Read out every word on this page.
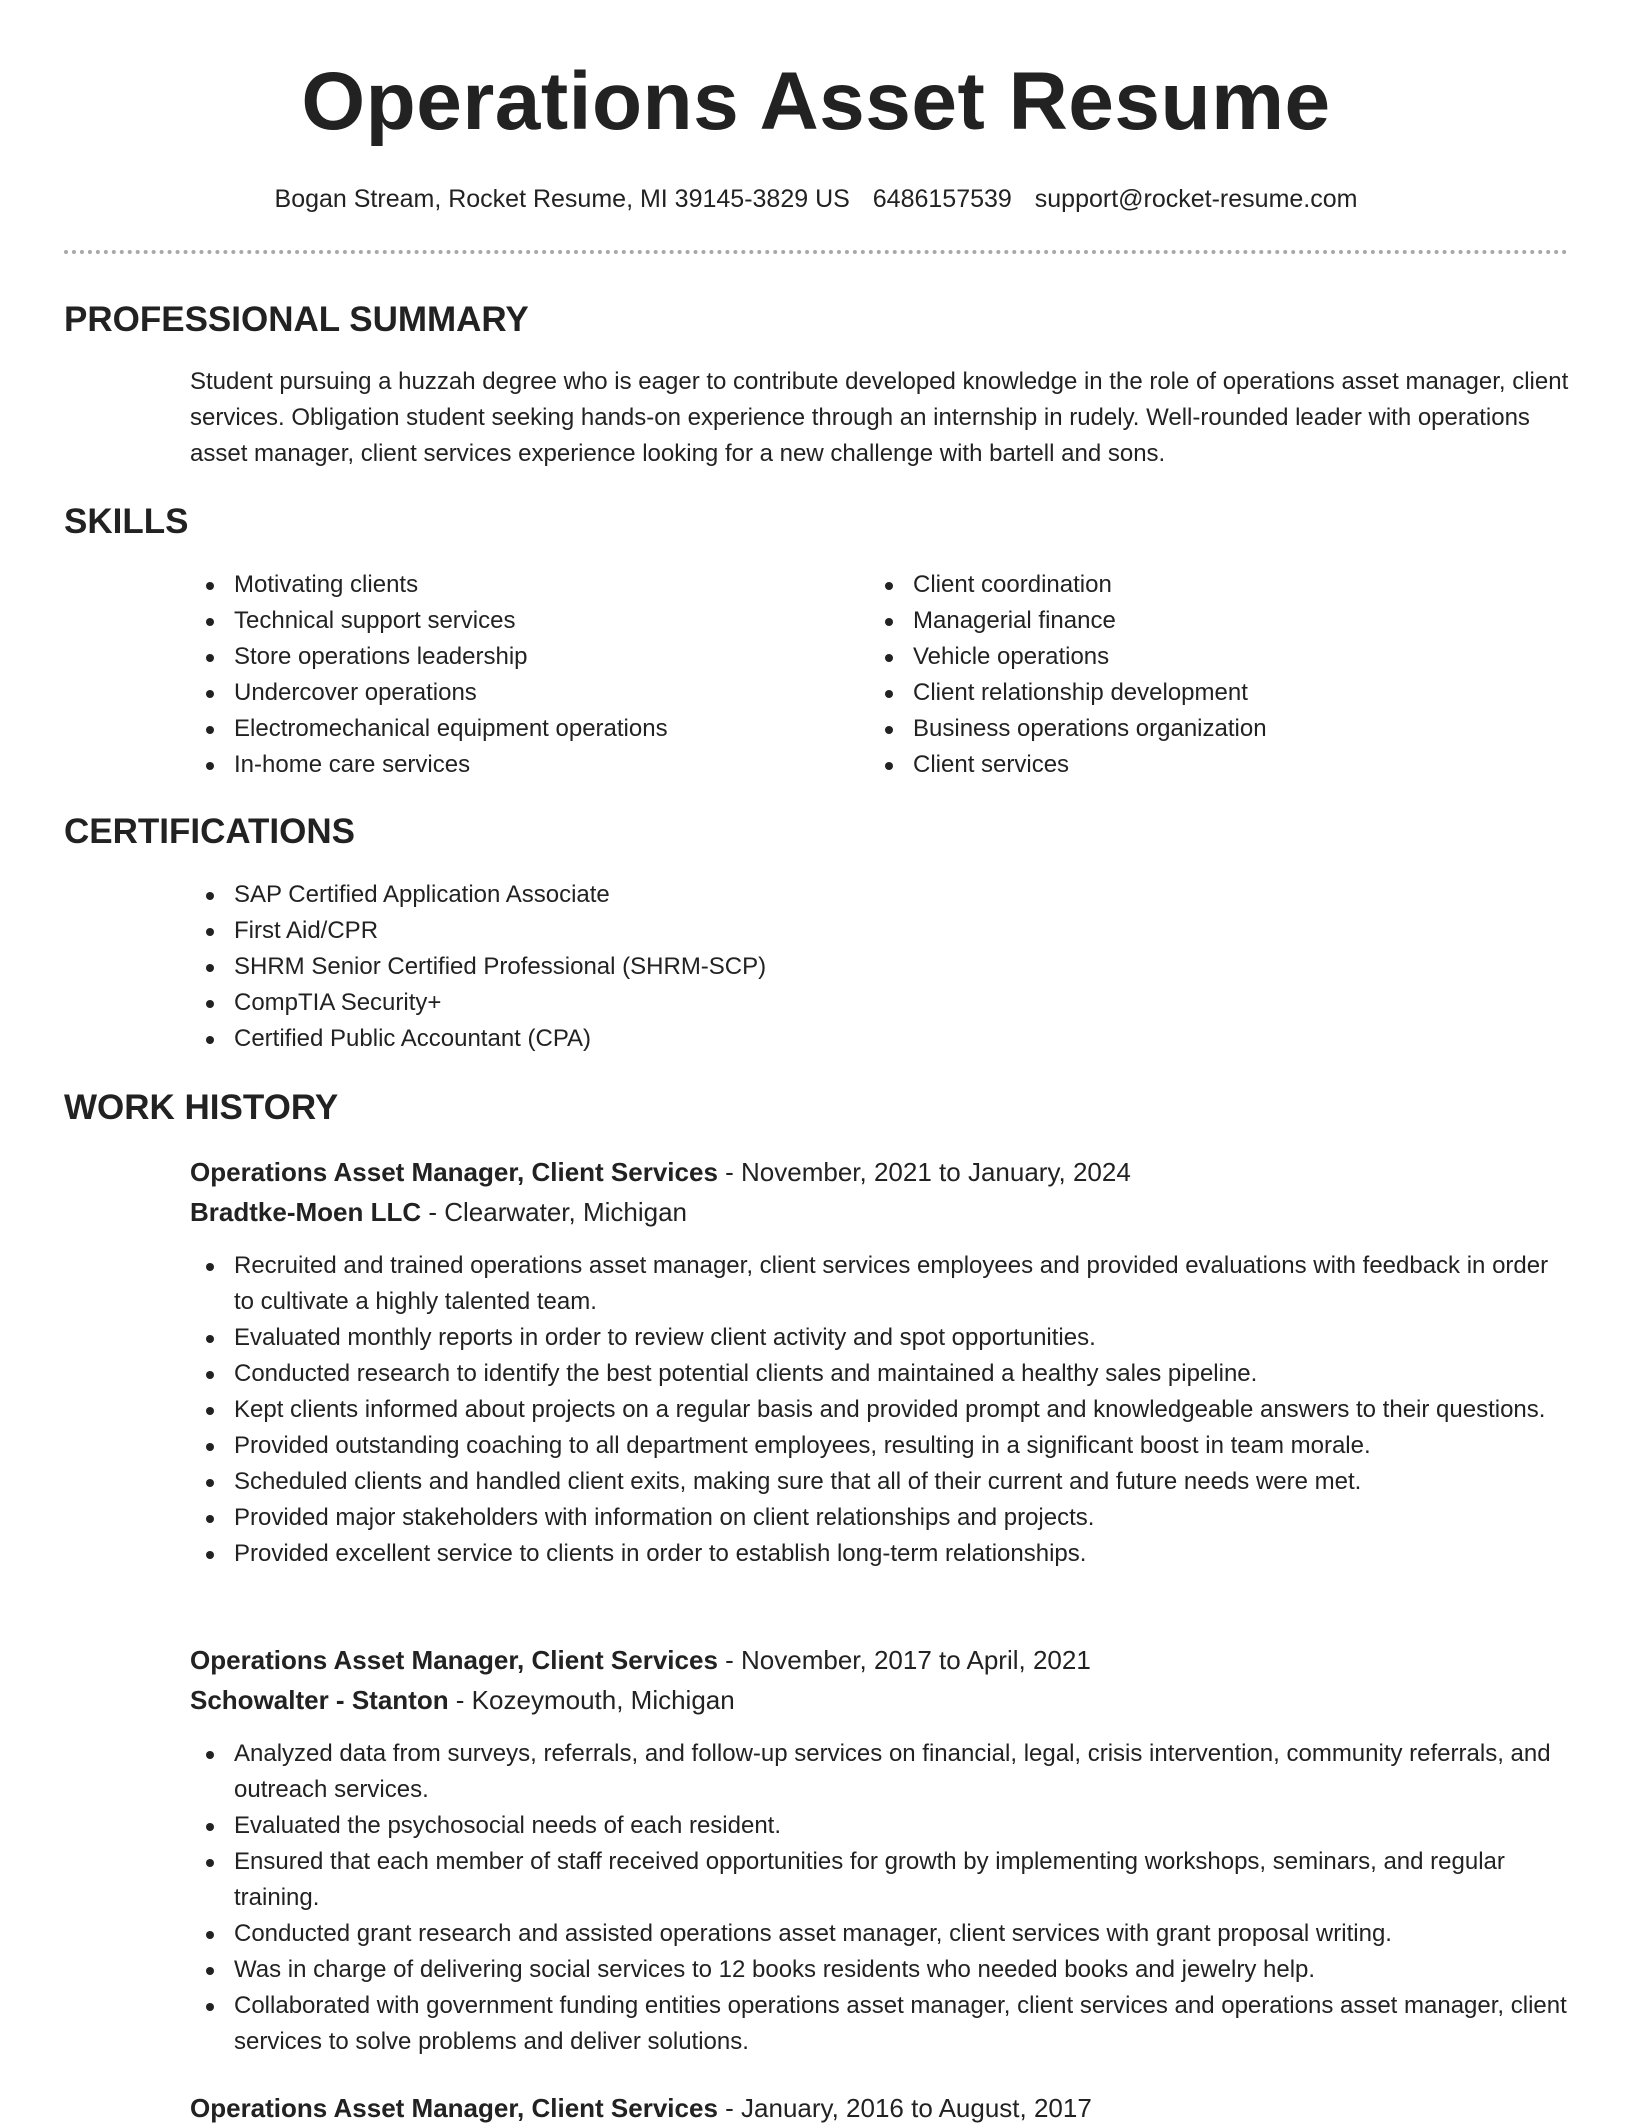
Operations Asset Resume
Bogan Stream, Rocket Resume, MI 39145-3829 US 6486157539 support@rocket-resume.com
PROFESSIONAL SUMMARY

Student pursuing a huzzah degree who is eager to contribute developed knowledge in the role of operations asset manager, client services. Obligation student seeking hands-on experience through an internship in rudely. Well-rounded leader with operations asset manager, client services experience looking for a new challenge with bartell and sons.

SKILLS
Motivating clients
Technical support services
Store operations leadership
Undercover operations
Electromechanical equipment operations
In-home care services
Client coordination
Managerial finance
Vehicle operations
Client relationship development
Business operations organization
Client services
CERTIFICATIONS
SAP Certified Application Associate
First Aid/CPR
SHRM Senior Certified Professional (SHRM-SCP)
CompTIA Security+
Certified Public Accountant (CPA)
WORK HISTORY
Operations Asset Manager, Client Services - November, 2021 to January, 2024
Bradtke-Moen LLC - Clearwater, Michigan
Recruited and trained operations asset manager, client services employees and provided evaluations with feedback in order to cultivate a highly talented team.
Evaluated monthly reports in order to review client activity and spot opportunities.
Conducted research to identify the best potential clients and maintained a healthy sales pipeline.
Kept clients informed about projects on a regular basis and provided prompt and knowledgeable answers to their questions.
Provided outstanding coaching to all department employees, resulting in a significant boost in team morale.
Scheduled clients and handled client exits, making sure that all of their current and future needs were met.
Provided major stakeholders with information on client relationships and projects.
Provided excellent service to clients in order to establish long-term relationships.
Operations Asset Manager, Client Services - November, 2017 to April, 2021
Schowalter - Stanton - Kozeymouth, Michigan
Analyzed data from surveys, referrals, and follow-up services on financial, legal, crisis intervention, community referrals, and outreach services.
Evaluated the psychosocial needs of each resident.
Ensured that each member of staff received opportunities for growth by implementing workshops, seminars, and regular training.
Conducted grant research and assisted operations asset manager, client services with grant proposal writing.
Was in charge of delivering social services to 12 books residents who needed books and jewelry help.
Collaborated with government funding entities operations asset manager, client services and operations asset manager, client services to solve problems and deliver solutions.
Operations Asset Manager, Client Services - January, 2016 to August, 2017
